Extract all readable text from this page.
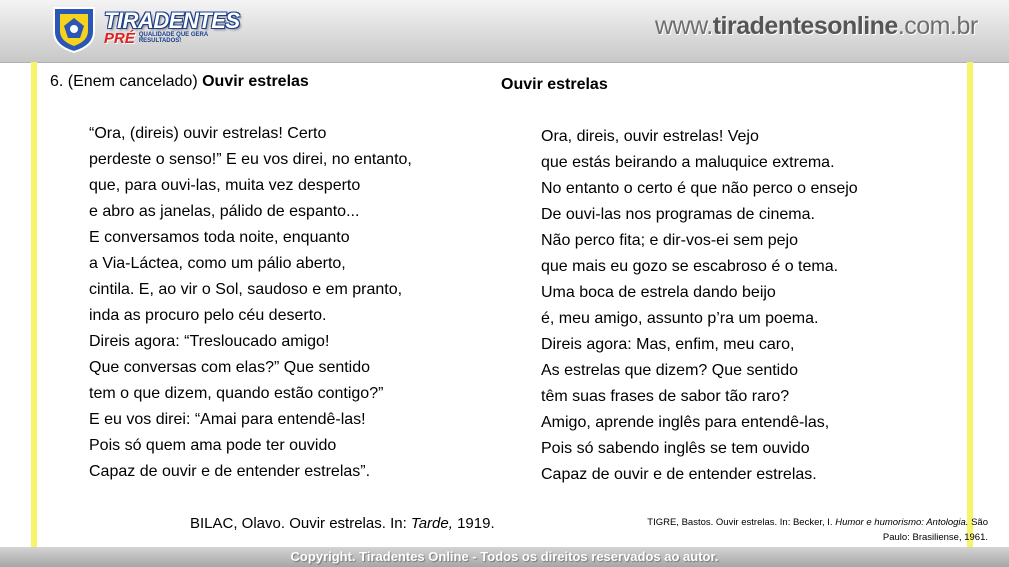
TIRADENTES
PRÉ QUALIDADE QUE GERA
RESULTADOS!
www.tiradentesonline.com.br
6. (Enem cancelado) Ouvir estrelas
“Ora, (direis) ouvir estrelas! Certo
perdeste o senso!” E eu vos direi, no entanto,
que, para ouvi-las, muita vez desperto
e abro as janelas, pálido de espanto...
E conversamos toda noite, enquanto
a Via-Láctea, como um pálio aberto,
cintila. E, ao vir o Sol, saudoso e em pranto,
inda as procuro pelo céu deserto.
Direis agora: “Tresloucado amigo!
Que conversas com elas?” Que sentido
tem o que dizem, quando estão contigo?”
E eu vos direi: “Amai para entendê-las!
Pois só quem ama pode ter ouvido
Capaz de ouvir e de entender estrelas”.
Ouvir estrelas
Ora, direis, ouvir estrelas! Vejo
que estás beirando a maluquice extrema.
No entanto o certo é que não perco o ensejo
De ouvi-las nos programas de cinema.
Não perco fita; e dir-vos-ei sem pejo
que mais eu gozo se escabroso é o tema.
Uma boca de estrela dando beijo
é, meu amigo, assunto p’ra um poema.
Direis agora: Mas, enfim, meu caro,
As estrelas que dizem? Que sentido
têm suas frases de sabor tão raro?
Amigo, aprende inglês para entendê-las,
Pois só sabendo inglês se tem ouvido
Capaz de ouvir e de entender estrelas.
BILAC, Olavo. Ouvir estrelas. In: Tarde, 1919.	TIGRE, Bastos. Ouvir estrelas. In: Becker, I. Humor e humorismo: Antologia. São
Paulo: Brasiliense, 1961.
Copyright. Tiradentes Online - Todos os direitos reservados ao autor.
